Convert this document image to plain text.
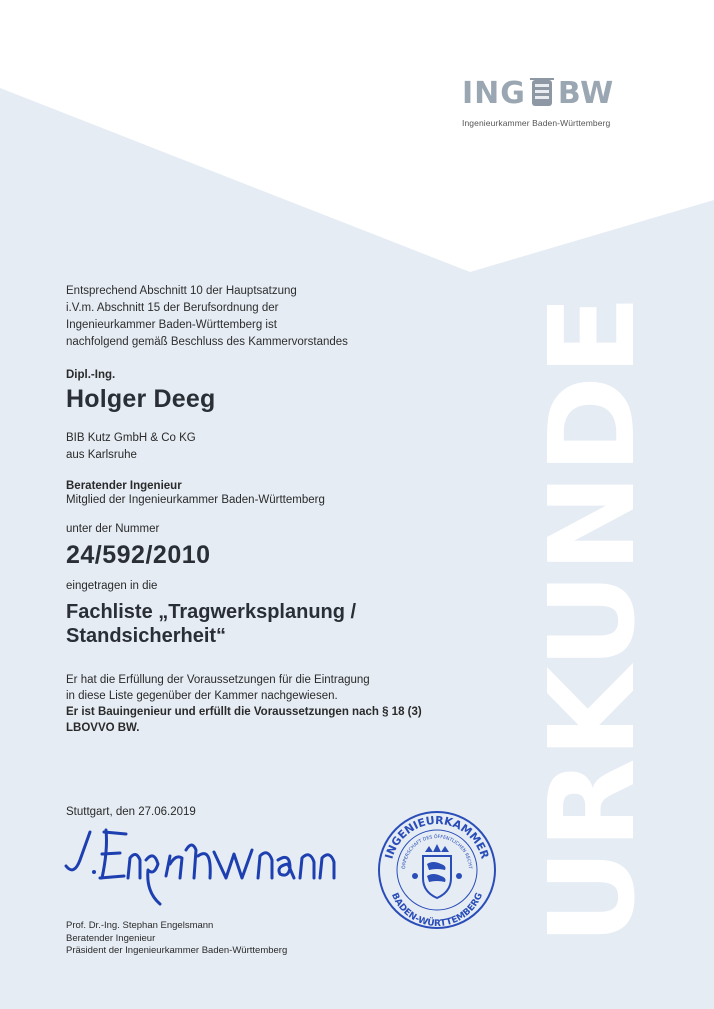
ING BW
Ingenieurkammer Baden-Württemberg
URKUNDE
Entsprechend Abschnitt 10 der Hauptsatzung
i.V.m. Abschnitt 15 der Berufsordnung der
Ingenieurkammer Baden-Württemberg ist
nachfolgend gemäß Beschluss des Kammervorstandes
Dipl.-Ing.
Holger Deeg
BIB Kutz GmbH & Co KG
aus Karlsruhe
Beratender Ingenieur
Mitglied der Ingenieurkammer Baden-Württemberg
unter der Nummer
24/592/2010
eingetragen in die
Fachliste „Tragwerksplanung /
Standsicherheit“
Er hat die Erfüllung der Voraussetzungen für die Eintragung
in diese Liste gegenüber der Kammer nachgewiesen.
Er ist Bauingenieur und erfüllt die Voraussetzungen nach § 18 (3)
LBOVVO BW.
Stuttgart, den 27.06.2019
J. Engelsmann
INGENIEURKAMMER
BADEN-WÜRTTEMBERG
ÖRPERSCHAFT DES ÖFFENTLICHEN RECHT
Prof. Dr.-Ing. Stephan Engelsmann
Beratender Ingenieur
Präsident der Ingenieurkammer Baden-Württemberg
